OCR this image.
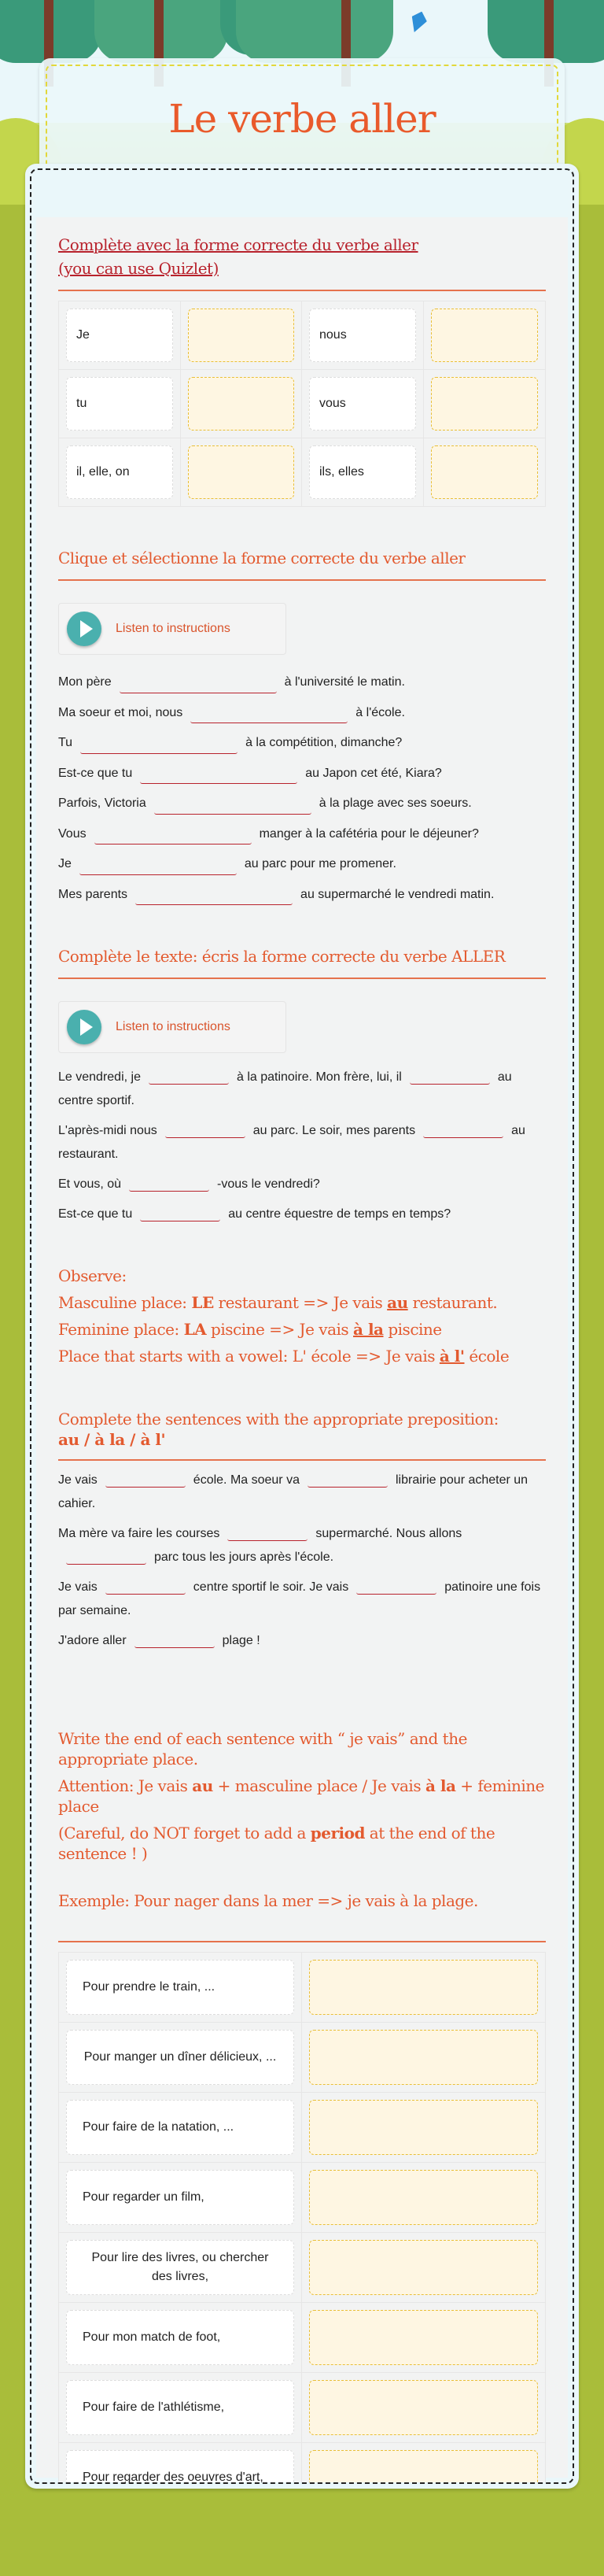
Le verbe aller
Complète avec la forme correcte du verbe aller
(you can use Quizlet)
Je	nous
tu	vous
il, elle, on	ils, elles
Clique et sélectionne la forme correcte du verbe aller
Listen to instructions
Mon père	à l'université le matin.
Ma soeur et moi, nous	à l'école.
Tu	à la compétition, dimanche?
Est-ce que tu	au Japon cet été, Kiara?
Parfois, Victoria	à la plage avec ses soeurs.
Vous	manger à la cafétéria pour le déjeuner?
Je	au parc pour me promener.
Mes parents	au supermarché le vendredi matin.
Complète le texte: écris la forme correcte du verbe ALLER
Listen to instructions
Le vendredi, je	à la patinoire. Mon frère, lui, il	au centre sportif.
L'après-midi nous	au parc. Le soir, mes parents	au restaurant.
Et vous, où	-vous le vendredi?
Est-ce que tu	au centre équestre de temps en temps?
Observe:
Masculine place: LE restaurant => Je vais au restaurant.
Feminine place: LA piscine => Je vais à la piscine
Place that starts with a vowel: L' école => Je vais à l' école
Complete the sentences with the appropriate preposition:
au / à la / à l'
Je vais	école. Ma soeur va	librairie pour acheter un cahier.
Ma mère va faire les courses	supermarché. Nous allonsparc tous les jours après l'école.
Je vais	centre sportif le soir. Je vais	patinoire une fois par semaine.
J'adore aller	plage !

Write the end of each sentence with “ je vais” and the appropriate place.

Attention: Je vais au + masculine place / Je vais à la + feminine place

(Careful, do NOT forget to add a period at the end of the sentence ! )

Exemple: Pour nager dans la mer => je vais à la plage.

Pour prendre le train, ...
Pour manger un dîner délicieux, ...
Pour faire de la natation, ...
Pour regarder un film,
Pour lire des livres, ou chercher des livres,
Pour mon match de foot,
Pour faire de l'athlétisme,
Pour regarder des oeuvres d'art,
